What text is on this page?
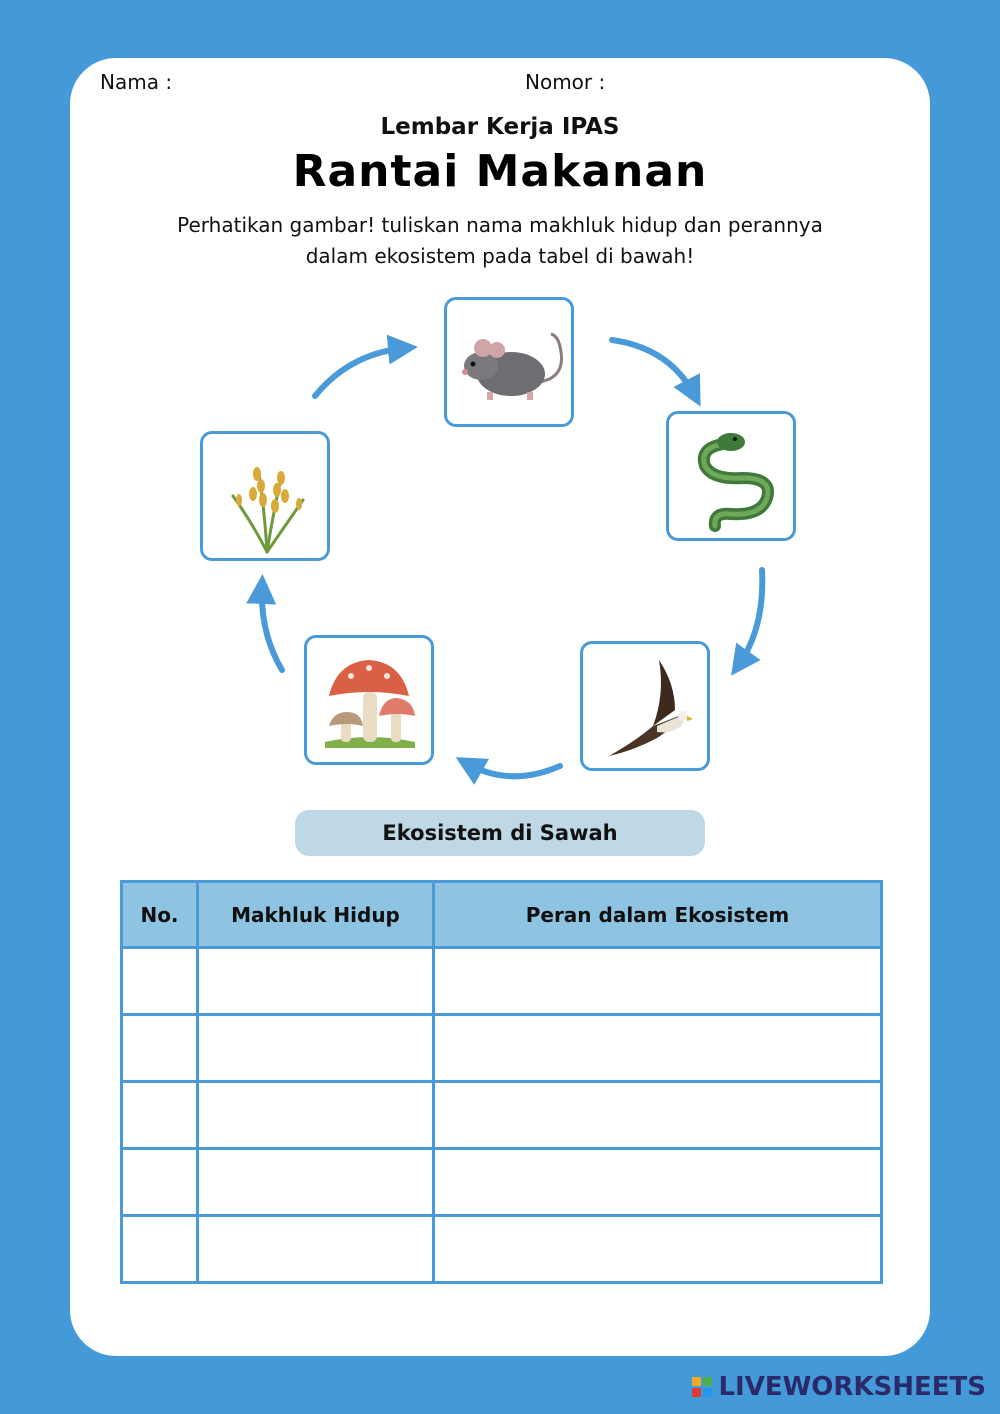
Nama :	Nomor :
Lembar Kerja IPAS
Rantai Makanan
Perhatikan gambar! tuliskan nama makhluk hidup dan perannya
dalam ekosistem pada tabel di bawah!
Ekosistem di Sawah
No.	Makhluk Hidup	Peran dalam Ekosistem

LIVEWORKSHEETS
